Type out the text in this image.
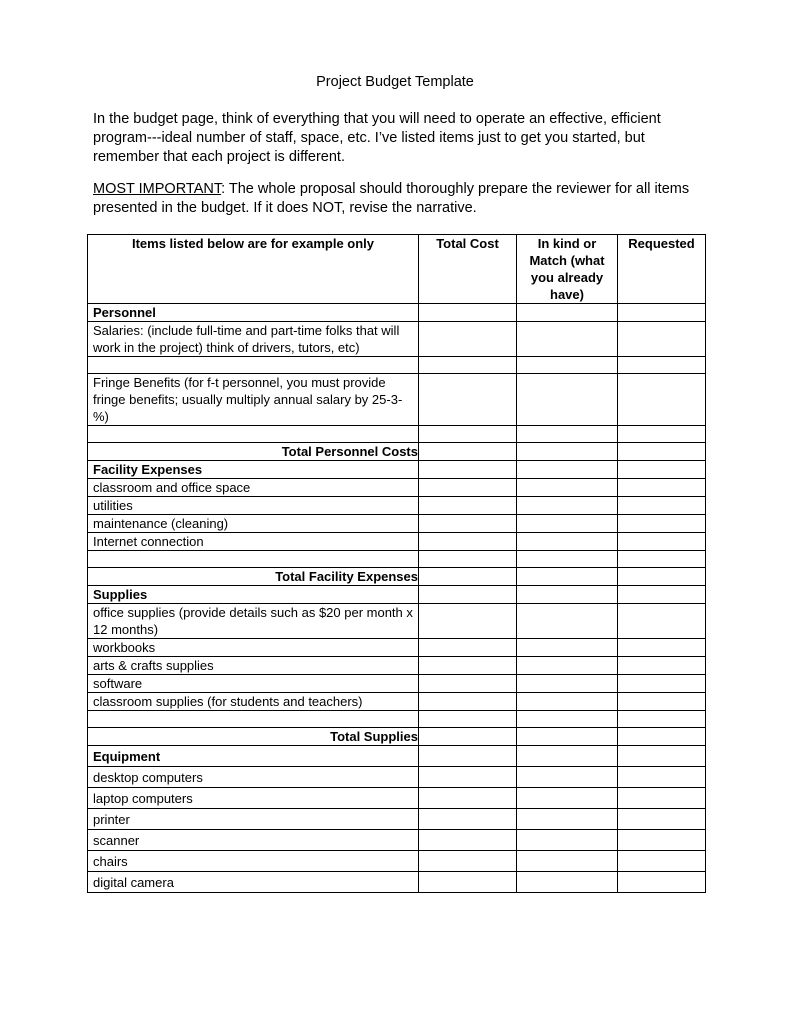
Project Budget Template

In the budget page, think of everything that you will need to operate an effective, efficient program---ideal number of staff, space, etc. I’ve listed items just to get you started, but remember that each project is different.

MOST IMPORTANT: The whole proposal should thoroughly prepare the reviewer for all items presented in the budget. If it does NOT, revise the narrative.

Items listed below are for example only	Total Cost	In kind or Match (what you already have)	Requested
Personnel			
Salaries: (include full-time and part-time folks that will work in the project) think of drivers, tutors, etc)			

Fringe Benefits (for f-t personnel, you must provide fringe benefits; usually multiply annual salary by 25-3-%)			

Total Personnel Costs			
Facility Expenses			
classroom and office space			
utilities			
maintenance (cleaning)			
Internet connection			

Total Facility Expenses			
Supplies			
office supplies (provide details such as $20 per month x 12 months)			
workbooks			
arts & crafts supplies			
software			
classroom supplies (for students and teachers)			

Total Supplies			
Equipment			
desktop computers			
laptop computers			
printer			
scanner			
chairs			
digital camera			
